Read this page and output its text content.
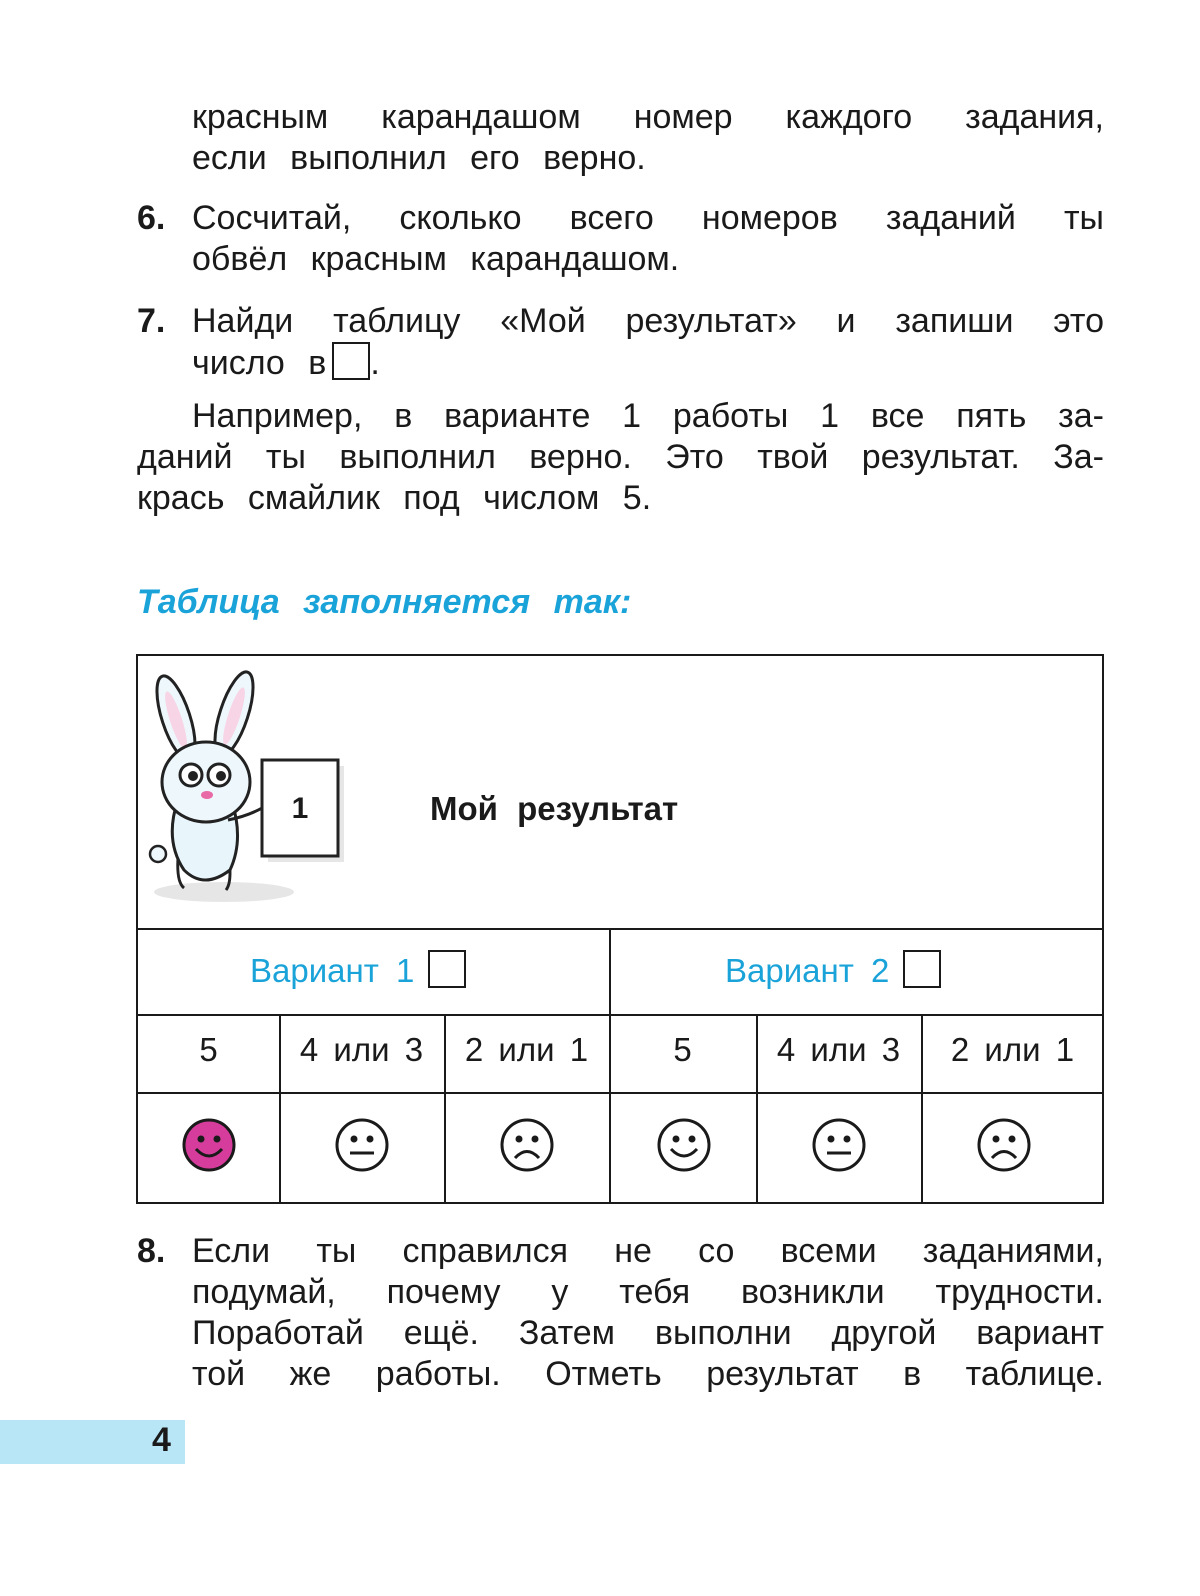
красным карандашом номер каждого задания,
если выполнил его верно.
6. Сосчитай, сколько всего номеров заданий ты
обвёл красным карандашом.
7. Найди таблицу «Мой результат» и запиши это
число в .
Например, в варианте 1 работы 1 все пять за-
даний ты выполнил верно. Это твой результат. За-
крась смайлик под числом 5.
Таблица заполняется так:
1	Мой результат
Вариант 1	Вариант 2
5	4 или 3	2 или 1	5	4 или 3	2 или 1
8. Если ты справился не со всеми заданиями,
подумай, почему у тебя возникли трудности.
Поработай ещё. Затем выполни другой вариант
той же работы. Отметь результат в таблице.
4
